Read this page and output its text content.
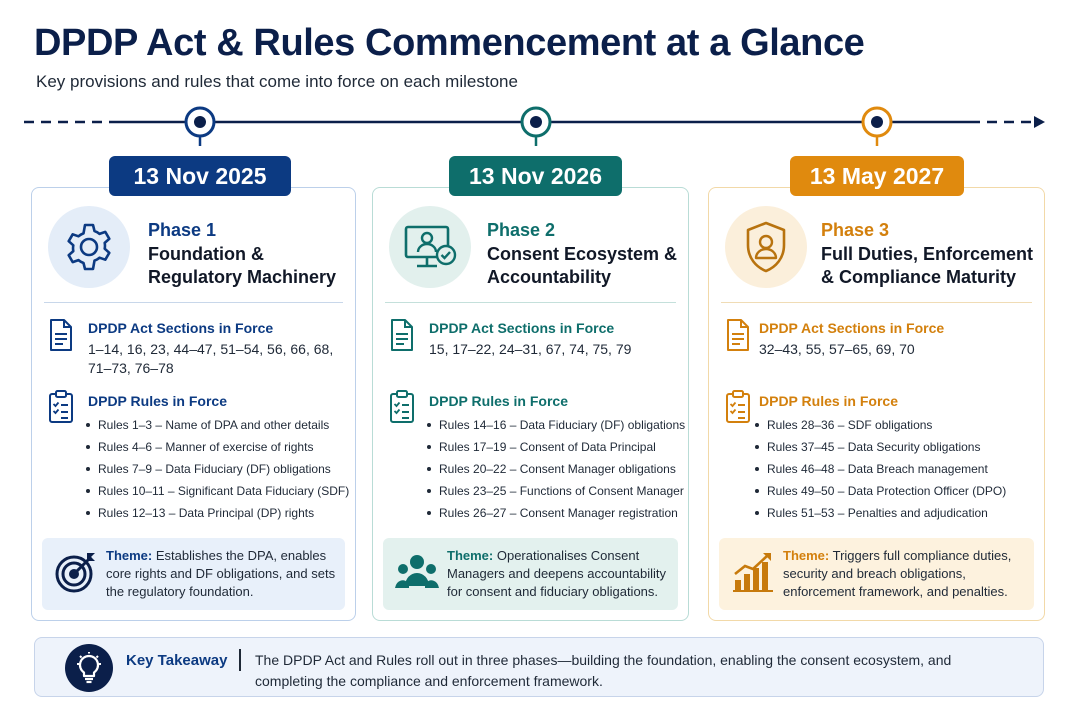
DPDP Act & Rules Commencement at a Glance
Key provisions and rules that come into force on each milestone
13 Nov 2025	13 Nov 2026	13 May 2027
Phase 1
Foundation & Regulatory Machinery
DPDP Act Sections in Force
1–14, 16, 23, 44–47, 51–54, 56, 66, 68, 71–73, 76–78
DPDP Rules in Force
Rules 1–3 – Name of DPA and other details
Rules 4–6 – Manner of exercise of rights
Rules 7–9 – Data Fiduciary (DF) obligations
Rules 10–11 – Significant Data Fiduciary (SDF)
Rules 12–13 – Data Principal (DP) rights
Theme: Establishes the DPA, enables core rights and DF obligations, and sets the regulatory foundation.
Phase 2
Consent Ecosystem & Accountability
DPDP Act Sections in Force
15, 17–22, 24–31, 67, 74, 75, 79
DPDP Rules in Force
Rules 14–16 – Data Fiduciary (DF) obligations
Rules 17–19 – Consent of Data Principal
Rules 20–22 – Consent Manager obligations
Rules 23–25 – Functions of Consent Manager
Rules 26–27 – Consent Manager registration
Theme: Operationalises Consent Managers and deepens accountability for consent and fiduciary obligations.
Phase 3
Full Duties, Enforcement & Compliance Maturity
DPDP Act Sections in Force
32–43, 55, 57–65, 69, 70
DPDP Rules in Force
Rules 28–36 – SDF obligations
Rules 37–45 – Data Security obligations
Rules 46–48 – Data Breach management
Rules 49–50 – Data Protection Officer (DPO)
Rules 51–53 – Penalties and adjudication
Theme: Triggers full compliance duties, security and breach obligations, enforcement framework, and penalties.
Key Takeaway The DPDP Act and Rules roll out in three phases—building the foundation, enabling the consent ecosystem, and completing the compliance and enforcement framework.
